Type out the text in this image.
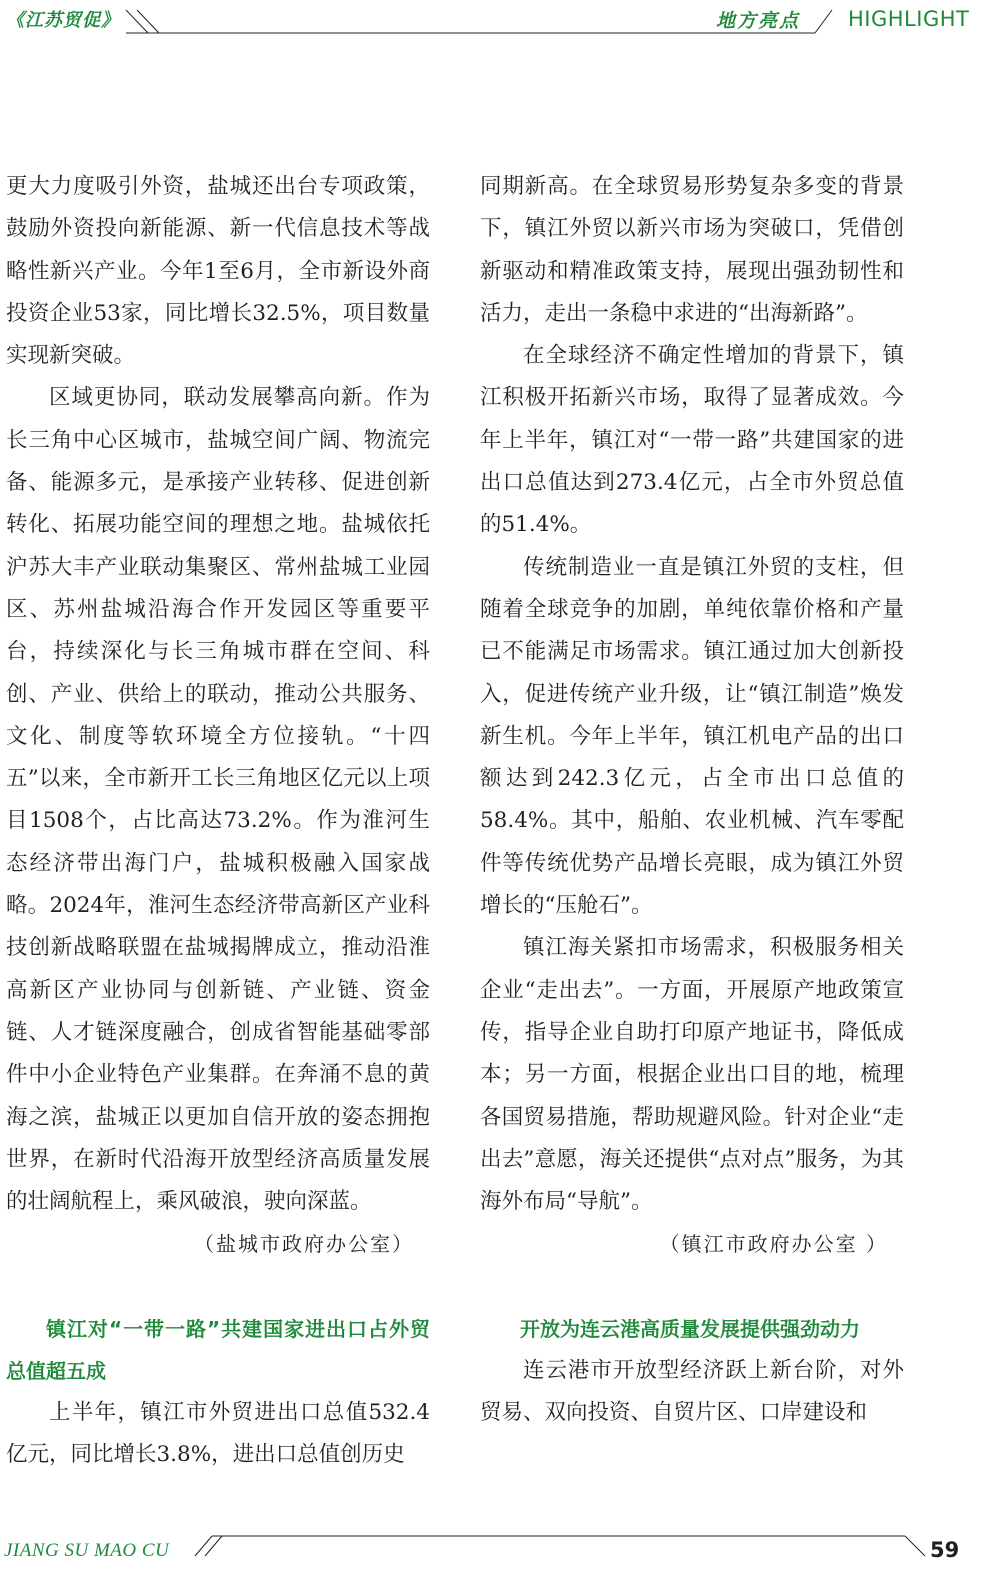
《江苏贸促》	地方亮点 HIGHLIGHT

更大力度吸引外资，盐城还出台专项政策，鼓励外资投向新能源、新一代信息技术等战略性新兴产业。今年1至6月，全市新设外商投资企业53家，同比增长32.5%，项目数量实现新突破。

区域更协同，联动发展攀高向新。作为长三角中心区城市，盐城空间广阔、物流完备、能源多元，是承接产业转移、促进创新转化、拓展功能空间的理想之地。盐城依托沪苏大丰产业联动集聚区、常州盐城工业园区、苏州盐城沿海合作开发园区等重要平台，持续深化与长三角城市群在空间、科创、产业、供给上的联动，推动公共服务、文化、制度等软环境全方位接轨。“十四五”以来，全市新开工长三角地区亿元以上项目1508个，占比高达73.2%。作为淮河生态经济带出海门户，盐城积极融入国家战略。2024年，淮河生态经济带高新区产业科技创新战略联盟在盐城揭牌成立，推动沿淮高新区产业协同与创新链、产业链、资金链、人才链深度融合，创成省智能基础零部件中小企业特色产业集群。在奔涌不息的黄海之滨，盐城正以更加自信开放的姿态拥抱世界，在新时代沿海开放型经济高质量发展的壮阔航程上，乘风破浪，驶向深蓝。

（盐城市政府办公室）

镇江对“一带一路”共建国家进出口占外贸总值超五成

上半年，镇江市外贸进出口总值532.4亿元，同比增长3.8%，进出口总值创历史

同期新高。在全球贸易形势复杂多变的背景下，镇江外贸以新兴市场为突破口，凭借创新驱动和精准政策支持，展现出强劲韧性和活力，走出一条稳中求进的“出海新路”。

在全球经济不确定性增加的背景下，镇江积极开拓新兴市场，取得了显著成效。今年上半年，镇江对“一带一路”共建国家的进出口总值达到273.4亿元，占全市外贸总值的51.4%。

传统制造业一直是镇江外贸的支柱，但随着全球竞争的加剧，单纯依靠价格和产量已不能满足市场需求。镇江通过加大创新投入，促进传统产业升级，让“镇江制造”焕发新生机。今年上半年，镇江机电产品的出口额达到242.3亿元，占全市出口总值的58.4%。其中，船舶、农业机械、汽车零配件等传统优势产品增长亮眼，成为镇江外贸增长的“压舱石”。

镇江海关紧扣市场需求，积极服务相关企业“走出去”。一方面，开展原产地政策宣传，指导企业自助打印原产地证书，降低成本；另一方面，根据企业出口目的地，梳理各国贸易措施，帮助规避风险。针对企业“走出去”意愿，海关还提供“点对点”服务，为其海外布局“导航”。

（镇江市政府办公室 ）

开放为连云港高质量发展提供强劲动力

连云港市开放型经济跃上新台阶，对外贸易、双向投资、自贸片区、口岸建设和

JIANG SU MAO CU	59
